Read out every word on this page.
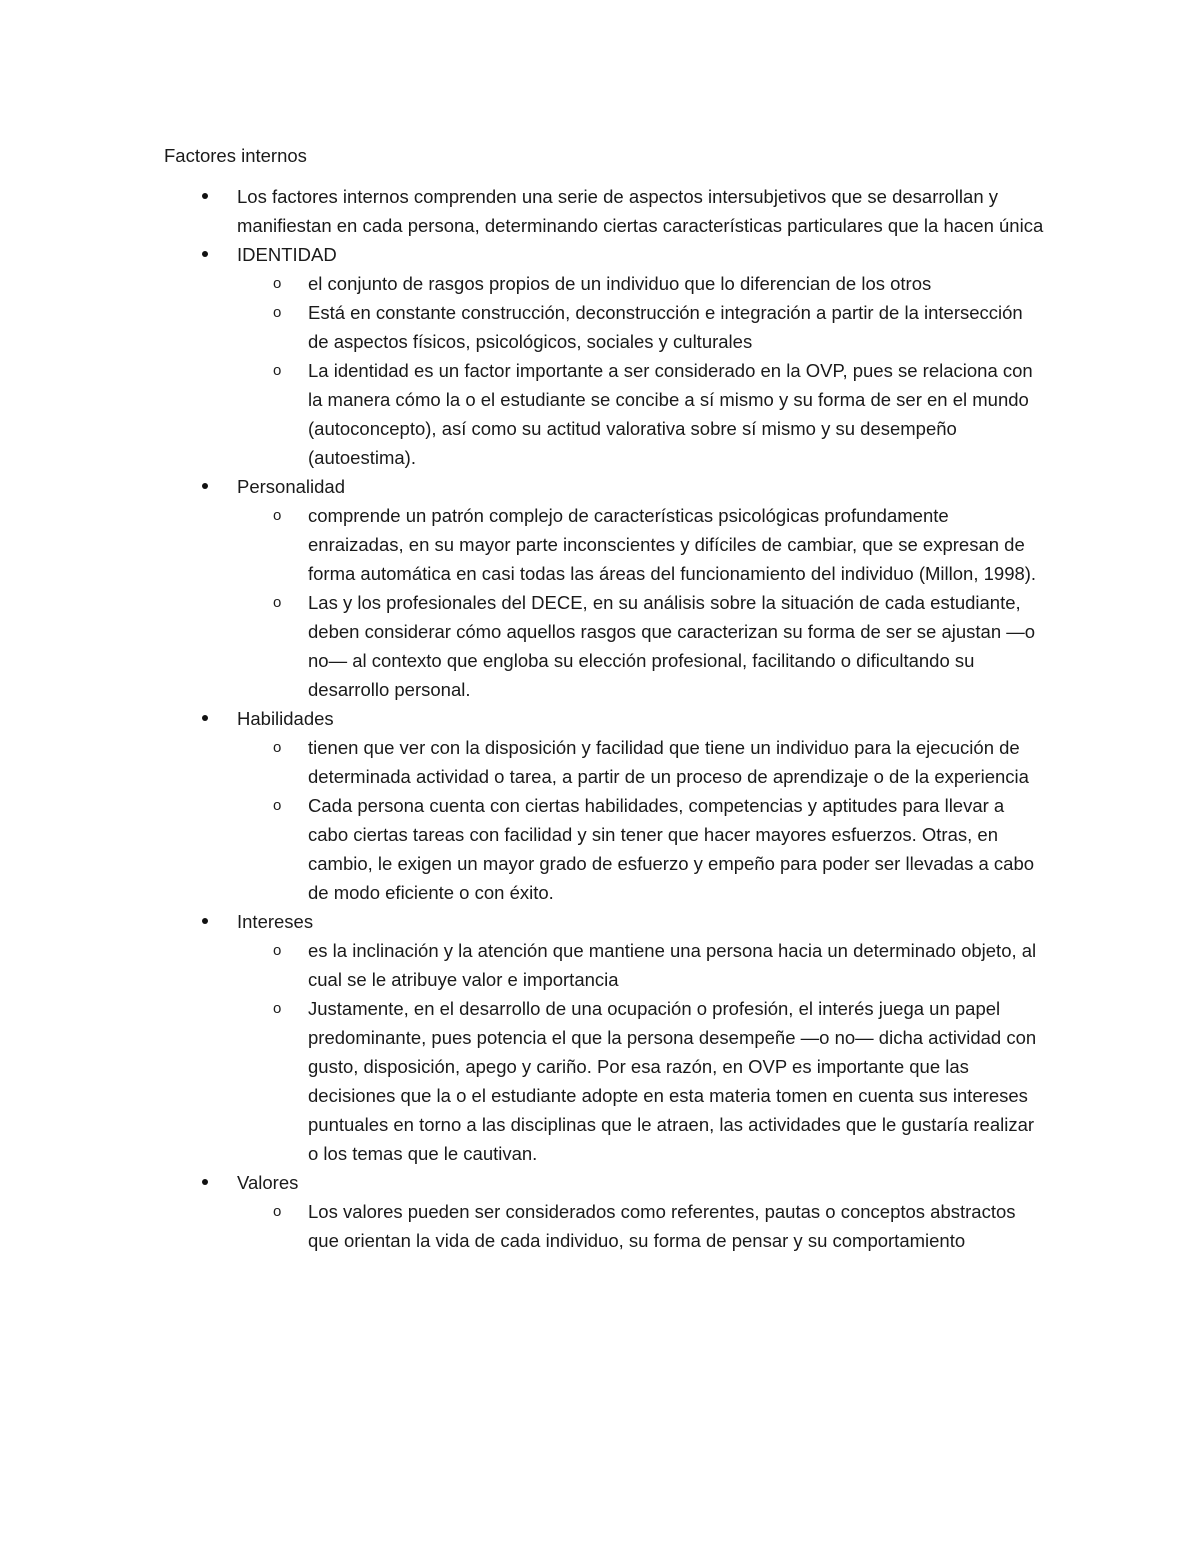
Factores internos
Los factores internos comprenden una serie de aspectos intersubjetivos que se desarrollan y manifiestan en cada persona, determinando ciertas características particulares que la hacen única
IDENTIDAD
o el conjunto de rasgos propios de un individuo que lo diferencian de los otros
o Está en constante construcción, deconstrucción e integración a partir de la intersección de aspectos físicos, psicológicos, sociales y culturales
o La identidad es un factor importante a ser considerado en la OVP, pues se relaciona con la manera cómo la o el estudiante se concibe a sí mismo y su forma de ser en el mundo (autoconcepto), así como su actitud valorativa sobre sí mismo y su desempeño (autoestima).
Personalidad
o comprende un patrón complejo de características psicológicas profundamente enraizadas, en su mayor parte inconscientes y difíciles de cambiar, que se expresan de forma automática en casi todas las áreas del funcionamiento del individuo (Millon, 1998).
o Las y los profesionales del DECE, en su análisis sobre la situación de cada estudiante, deben considerar cómo aquellos rasgos que caracterizan su forma de ser se ajustan —o no— al contexto que engloba su elección profesional, facilitando o dificultando su desarrollo personal.
Habilidades
o tienen que ver con la disposición y facilidad que tiene un individuo para la ejecución de determinada actividad o tarea, a partir de un proceso de aprendizaje o de la experiencia
o Cada persona cuenta con ciertas habilidades, competencias y aptitudes para llevar a cabo ciertas tareas con facilidad y sin tener que hacer mayores esfuerzos. Otras, en cambio, le exigen un mayor grado de esfuerzo y empeño para poder ser llevadas a cabo de modo eficiente o con éxito.
Intereses
o es la inclinación y la atención que mantiene una persona hacia un determinado objeto, al cual se le atribuye valor e importancia
o Justamente, en el desarrollo de una ocupación o profesión, el interés juega un papel predominante, pues potencia el que la persona desempeñe —o no— dicha actividad con gusto, disposición, apego y cariño. Por esa razón, en OVP es importante que las decisiones que la o el estudiante adopte en esta materia tomen en cuenta sus intereses puntuales en torno a las disciplinas que le atraen, las actividades que le gustaría realizar o los temas que le cautivan.
Valores
o Los valores pueden ser considerados como referentes, pautas o conceptos abstractos que orientan la vida de cada individuo, su forma de pensar y su comportamiento
